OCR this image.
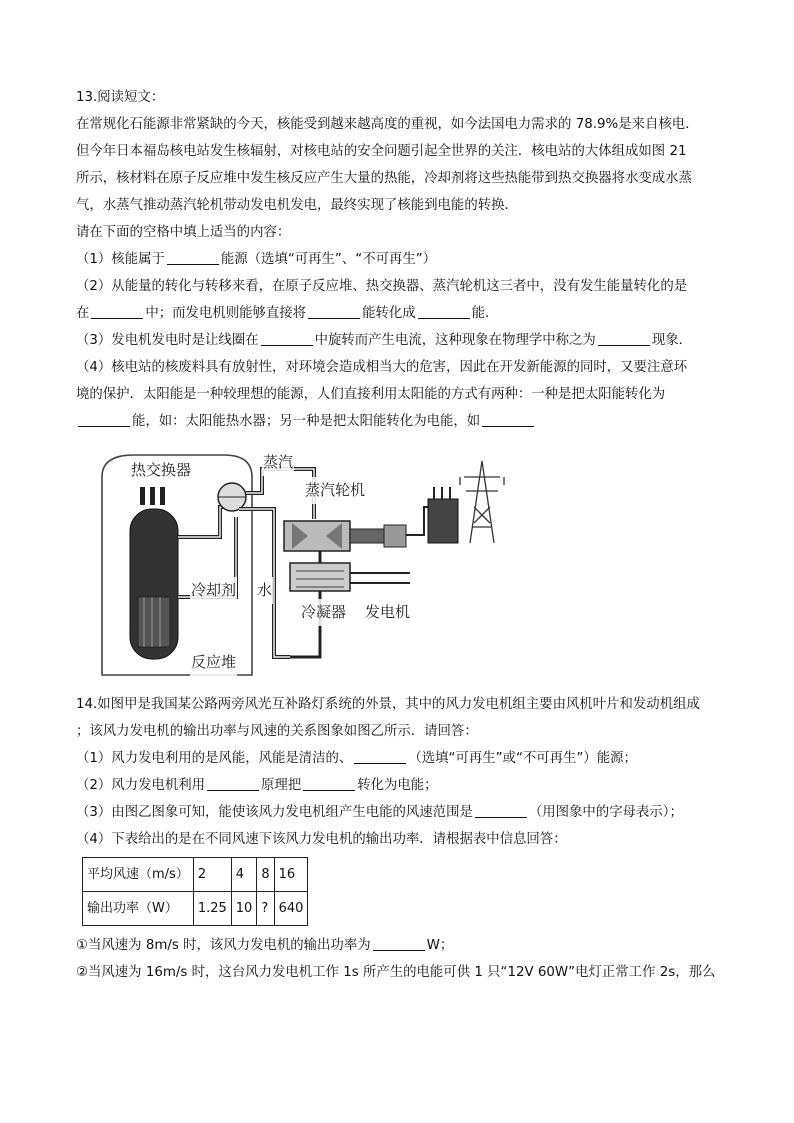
13.阅读短文：

在常规化石能源非常紧缺的今天，核能受到越来越高度的重视，如今法国电力需求的 78.9%是来自核电．

但今年日本福岛核电站发生核辐射，对核电站的安全问题引起全世界的关注．核电站的大体组成如图 21

所示，核材料在原子反应堆中发生核反应产生大量的热能，冷却剂将这些热能带到热交换器将水变成水蒸

气，水蒸气推动蒸汽轮机带动发电机发电，最终实现了核能到电能的转换．

请在下面的空格中填上适当的内容：

（1）核能属于	能源（选填“可再生”、“不可再生”）

（2）从能量的转化与转移来看，在原子反应堆、热交换器、蒸汽轮机这三者中，没有发生能量转化的是

在	中；而发电机则能够直接将	能转化成	能．

（3）发电机发电时是让线圈在	中旋转而产生电流，这种现象在物理学中称之为	现象．

（4）核电站的核废料具有放射性，对环境会造成相当大的危害，因此在开发新能源的同时，又要注意环

境的保护．太阳能是一种较理想的能源，人们直接利用太阳能的方式有两种：一种是把太阳能转化为

能，如：太阳能热水器；另一种是把太阳能转化为电能，如

热交换器	蒸汽
蒸汽轮机
冷却剂 水
冷凝器 发电机
反应堆

14.如图甲是我国某公路两旁风光互补路灯系统的外景，其中的风力发电机组主要由风机叶片和发动机组成

；该风力发电机的输出功率与风速的关系图象如图乙所示．请回答：

（1）风力发电利用的是风能，风能是清洁的、	（选填“可再生”或“不可再生”）能源；

（2）风力发电机利用	原理把	转化为电能；

（3）由图乙图象可知，能使该风力发电机组产生电能的风速范围是	（用图象中的字母表示）；

（4）下表给出的是在不同风速下该风力发电机的输出功率．请根据表中信息回答：

平均风速（m/s）	2	4	8	16
输出功率（W）	1.25	10	?	640

①当风速为 8m/s 时，该风力发电机的输出功率为	W；

②当风速为 16m/s 时，这台风力发电机工作 1s 所产生的电能可供 1 只“12V 60W”电灯正常工作 2s，那么
